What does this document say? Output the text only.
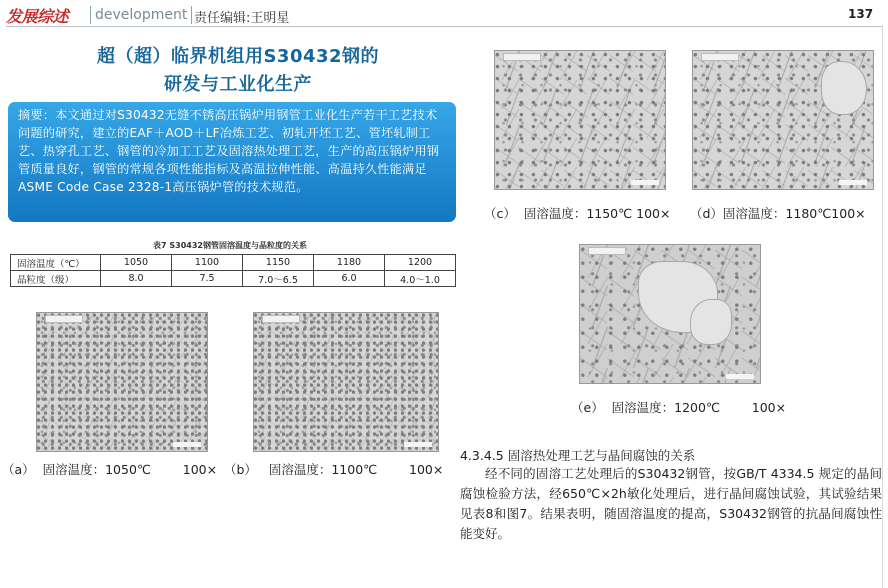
发展综述	development 责任编辑:王明星	137
超（超）临界机组用S30432钢的
研发与工业化生产
摘要：本文通过对S30432无缝不锈高压锅炉用钢管工业化生产若干工艺技术问题的研究，建立的EAF＋AOD＋LF冶炼工艺、初轧开坯工艺、管坯轧制工艺、热穿孔工艺、钢管的冷加工工艺及固溶热处理工艺，生产的高压锅炉用钢管质量良好，钢管的常规各项性能指标及高温拉伸性能、高温持久性能满足ASME Code Case 2328-1高压锅炉管的技术规范。
表7 S30432钢管固溶温度与晶粒度的关系
固溶温度（℃）	1050	1100	1150	1180	1200
晶粒度（级）	8.0	7.5	7.0～6.5	6.0	4.0～1.0
（a）  固溶温度：1050℃        100× （b）   固溶温度：1100℃        100×
（c）  固溶温度：1150℃ 100× （d）固溶温度：1180℃100×
（e）  固溶温度：1200℃        100×
4.3.4.5 固溶热处理工艺与晶间腐蚀的关系
经不同的固溶工艺处理后的S30432钢管，按GB/T 4334.5 规定的晶间腐蚀检验方法，经650℃×2h敏化处理后，进行晶间腐蚀试验，其试验结果见表8和图7。结果表明，随固溶温度的提高，S30432钢管的抗晶间腐蚀性能变好。
